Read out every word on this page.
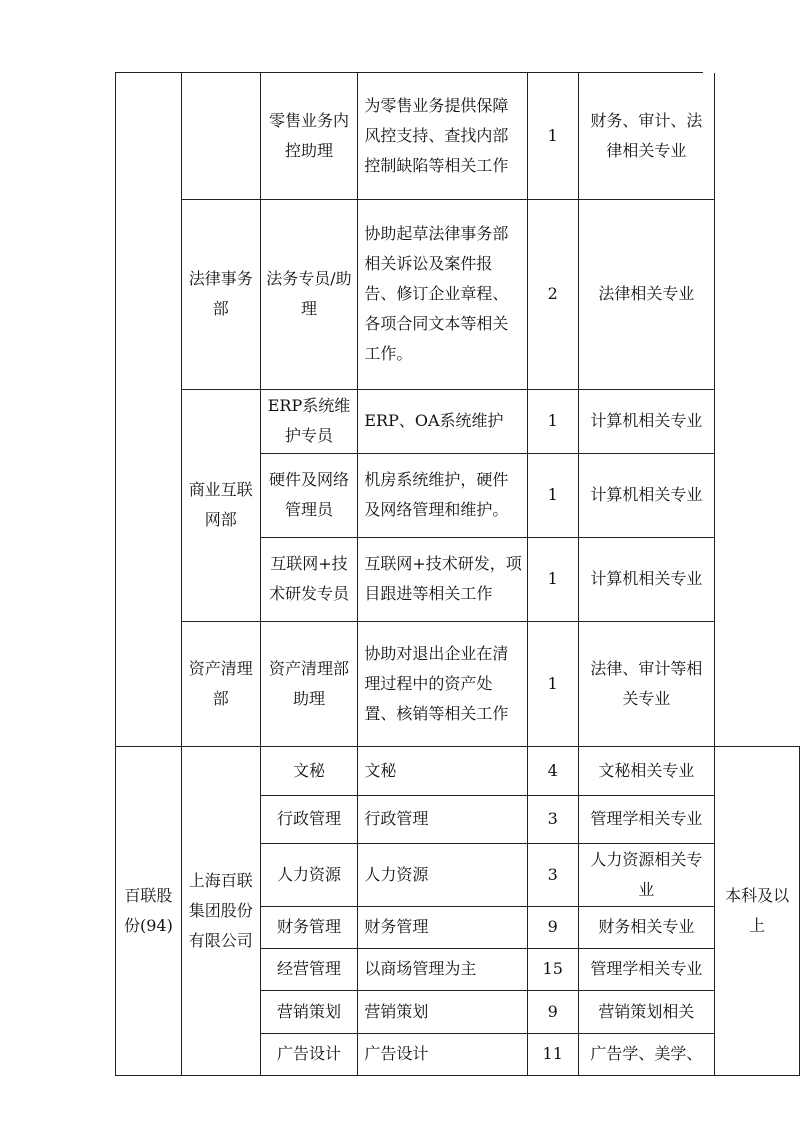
		零售业务内控助理	为零售业务提供保障风控支持、查找内部控制缺陷等相关工作	1	财务、审计、法律相关专业	
	法律事务部	法务专员/助理	协助起草法律事务部相关诉讼及案件报告、修订企业章程、各项合同文本等相关工作。	2	法律相关专业	
	商业互联网部	ERP系统维护专员	ERP、OA系统维护	1	计算机相关专业	
		硬件及网络管理员	机房系统维护，硬件及网络管理和维护。	1	计算机相关专业	
		互联网+技术研发专员	互联网+技术研发，项目跟进等相关工作	1	计算机相关专业	
	资产清理部	资产清理部助理	协助对退出企业在清理过程中的资产处置、核销等相关工作	1	法律、审计等相关专业	
百联股份(94)	上海百联集团股份有限公司	文秘	文秘	4	文秘相关专业	本科及以上
		行政管理	行政管理	3	管理学相关专业	
		人力资源	人力资源	3	人力资源相关专业	
		财务管理	财务管理	9	财务相关专业	
		经营管理	以商场管理为主	15	管理学相关专业	
		营销策划	营销策划	9	营销策划相关	
		广告设计	广告设计	11	广告学、美学、	
